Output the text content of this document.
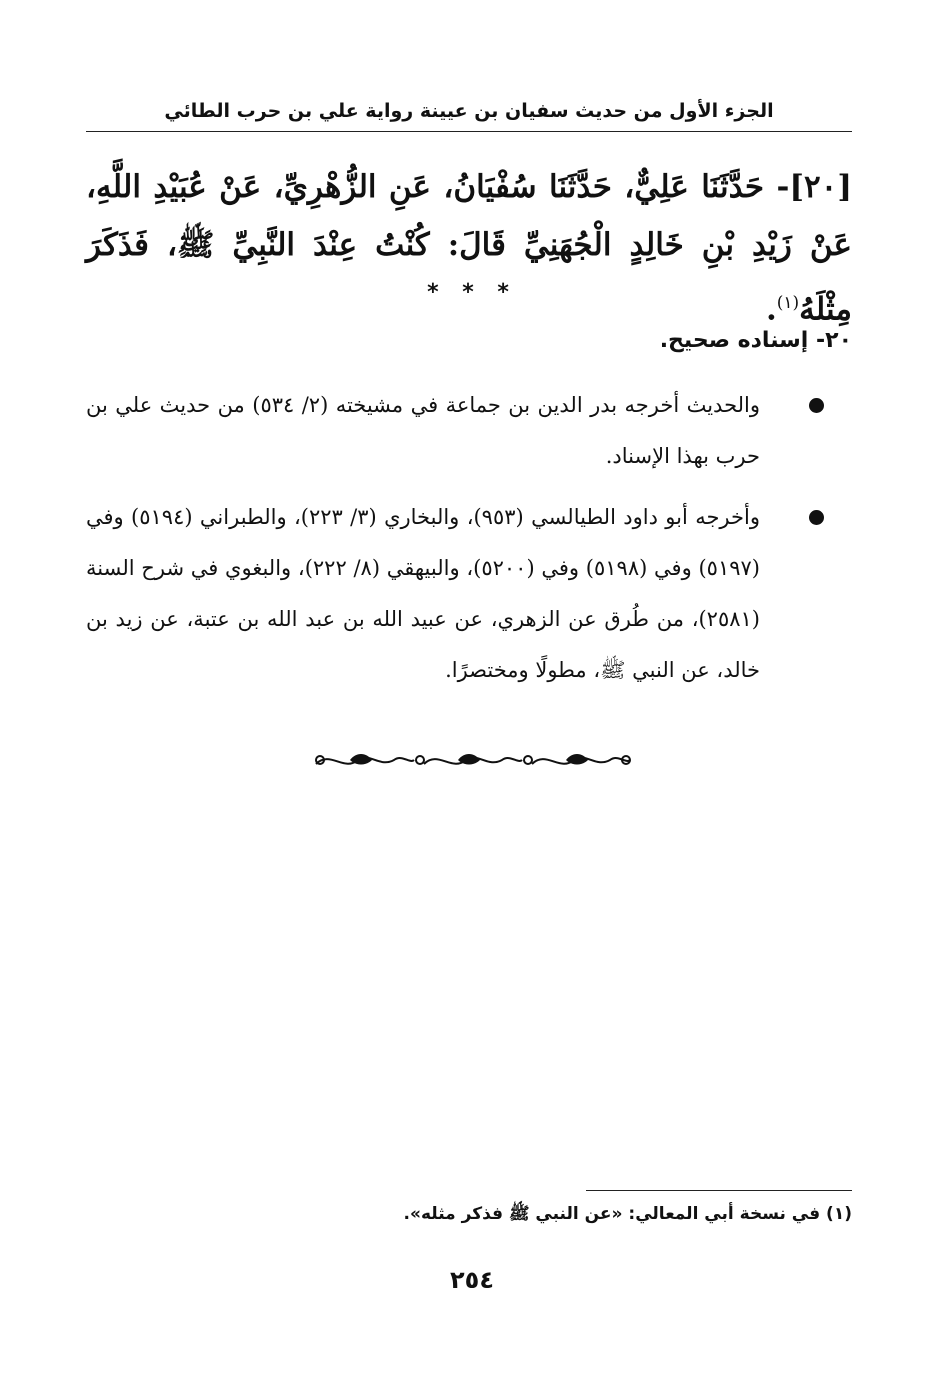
الجزء الأول من حديث سفيان بن عيينة رواية علي بن حرب الطائي
[٢٠]- حَدَّثَنَا عَلِيٌّ، حَدَّثَنَا سُفْيَانُ، عَنِ الزُّهْرِيِّ، عَنْ عُبَيْدِ اللَّهِ، عَنْ زَيْدِ بْنِ خَالِدٍ الْجُهَنِيِّ قَالَ: كُنْتُ عِنْدَ النَّبِيِّ ﷺ، فَذَكَرَ مِثْلَهُ$^{(١)}$.
* * *
٢٠- إسناده صحيح.
والحديث أخرجه بدر الدين بن جماعة في مشيخته (٢/ ٥٣٤) من حديث علي بن حرب بهذا الإسناد.
وأخرجه أبو داود الطيالسي (٩٥٣)، والبخاري (٣/ ٢٢٣)، والطبراني (٥١٩٤) وفي (٥١٩٧) وفي (٥١٩٨) وفي (٥٢٠٠)، والبيهقي (٨/ ٢٢٢)، والبغوي في شرح السنة (٢٥٨١)، من طُرق عن الزهري، عن عبيد الله بن عبد الله بن عتبة، عن زيد بن خالد، عن النبي ﷺ، مطولًا ومختصرًا.
(١) في نسخة أبي المعالي: «عن النبي ﷺ فذكر مثله».
٢٥٤
